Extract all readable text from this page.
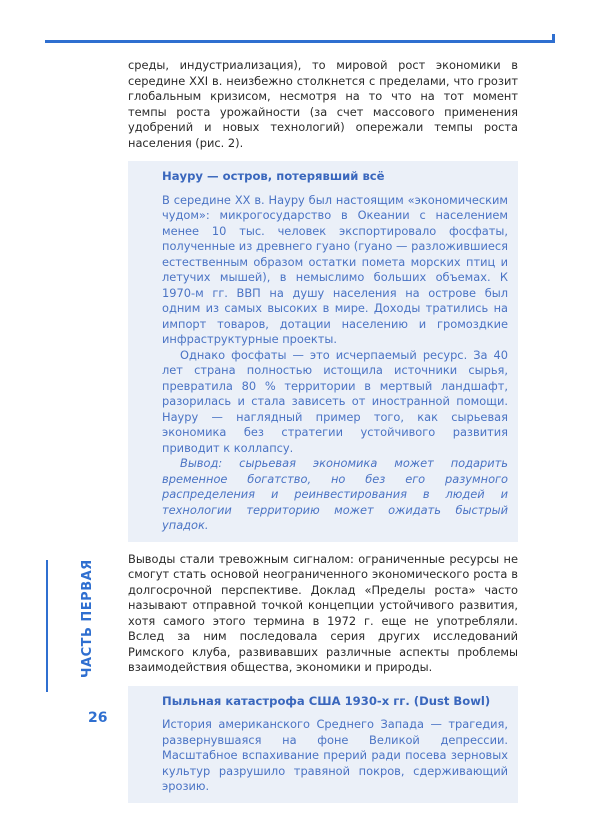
среды, индустриализация), то мировой рост экономики в середине XXI в. неизбежно столкнется с пределами, что грозит глобальным кризисом, несмотря на то что на тот момент темпы роста урожайности (за счет массового применения удобрений и новых технологий) опережали темпы роста населения (рис. 2).

Науру — остров, потерявший всё

В середине XX в. Науру был настоящим «экономическим чудом»: микрогосударство в Океании с населением менее 10 тыс. человек экспортировало фосфаты, полученные из древнего гуано (гуано — разложившиеся естественным образом остатки помета морских птиц и летучих мышей), в немыслимо больших объемах. К 1970-м гг. ВВП на душу населения на острове был одним из самых высоких в мире. Доходы тратились на импорт товаров, дотации населению и громоздкие инфраструктурные проекты.

Однако фосфаты — это исчерпаемый ресурс. За 40 лет страна полностью истощила источники сырья, превратила 80 % территории в мертвый ландшафт, разорилась и стала зависеть от иностранной помощи. Науру — наглядный пример того, как сырьевая экономика без стратегии устойчивого развития приводит к коллапсу.

Вывод: сырьевая экономика может подарить временное богатство, но без его разумного распределения и реинвестирования в людей и технологии территорию может ожидать быстрый упадок.

Выводы стали тревожным сигналом: ограниченные ресурсы не смогут стать основой неограниченного экономического роста в долгосрочной перспективе. Доклад «Пределы роста» часто называют отправной точкой концепции устойчивого развития, хотя самого этого термина в 1972 г. еще не употребляли. Вслед за ним последовала серия других исследований Римского клуба, развивавших различные аспекты проблемы взаимодействия общества, экономики и природы.

Пыльная катастрофа США 1930-х гг. (Dust Bowl)

История американского Среднего Запада — трагедия, развернувшаяся на фоне Великой депрессии. Масштабное вспахивание прерий ради посева зерновых культур разрушило травяной покров, сдерживающий эрозию.

ЧАСТЬ ПЕРВАЯ
26
